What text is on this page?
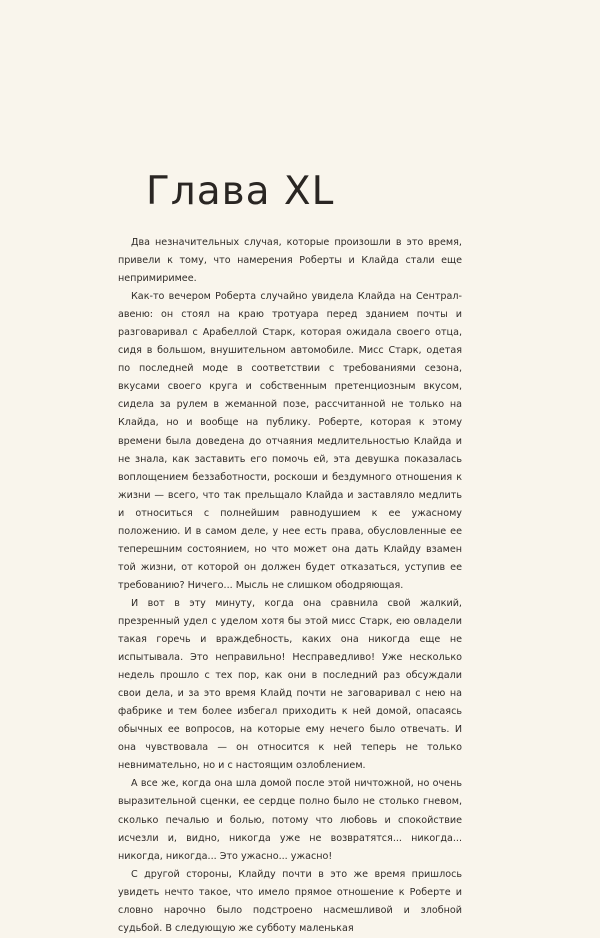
Глава XL

Два незначительных случая, которые произошли в это время, привели к тому, что намерения Роберты и Клайда стали еще непримиримее.

Как-то вечером Роберта случайно увидела Клайда на Сентрал-авеню: он стоял на краю тротуара перед зданием почты и разговаривал с Арабеллой Старк, которая ожидала своего отца, сидя в большом, внушительном автомобиле. Мисс Старк, одетая по последней моде в соответствии с требованиями сезона, вкусами своего круга и собственным претенциозным вкусом, сидела за рулем в жеманной позе, рассчитанной не только на Клайда, но и вообще на публику. Роберте, которая к этому времени была доведена до отчаяния медлительностью Клайда и не знала, как заставить его помочь ей, эта девушка показалась воплощением беззаботности, роскоши и бездумного отношения к жизни — всего, что так прельщало Клайда и заставляло медлить и относиться с полнейшим равнодушием к ее ужасному положению. И в самом деле, у нее есть права, обусловленные ее теперешним состоянием, но что может она дать Клайду взамен той жизни, от которой он должен будет отказаться, уступив ее требованию? Ничего... Мысль не слишком ободряющая.

И вот в эту минуту, когда она сравнила свой жалкий, презренный удел с уделом хотя бы этой мисс Старк, ею овладели такая горечь и враждебность, каких она никогда еще не испытывала. Это неправильно! Несправедливо! Уже несколько недель прошло с тех пор, как они в последний раз обсуждали свои дела, и за это время Клайд почти не заговаривал с нею на фабрике и тем более избегал приходить к ней домой, опасаясь обычных ее вопросов, на которые ему нечего было отвечать. И она чувствовала — он относится к ней теперь не только невнимательно, но и с настоящим озлоблением.

А все же, когда она шла домой после этой ничтожной, но очень выразительной сценки, ее сердце полно было не столько гневом, сколько печалью и болью, потому что любовь и спокойствие исчезли и, видно, никогда уже не возвратятся... никогда... никогда, никогда... Это ужасно... ужасно!

С другой стороны, Клайду почти в это же время пришлось увидеть нечто такое, что имело прямое отношение к Роберте и словно нарочно было подстроено насмешливой и злобной судьбой. В следующую же субботу маленькая
